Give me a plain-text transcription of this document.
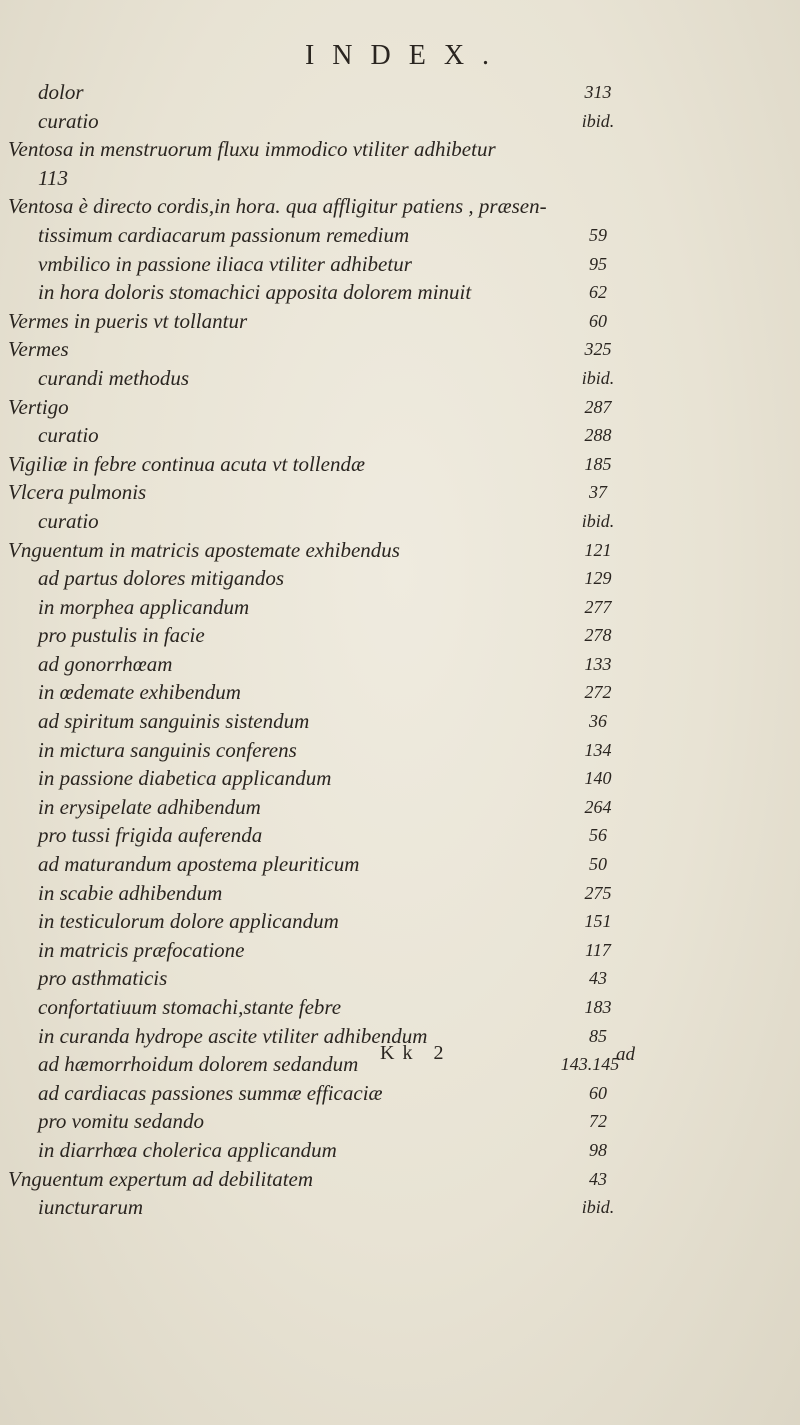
INDEX.
dolor	313
curatio	ibid.
Ventosa in menstruorum fluxu immodico vtiliter adhibetur
113
Ventosa è directo cordis,in hora. qua affligitur patiens , præsen-
tissimum cardiacarum passionum remedium	59
vmbilico in passione iliaca vtiliter adhibetur	95
in hora doloris stomachici apposita dolorem minuit	62
Vermes in pueris vt tollantur	60
Vermes	325
curandi methodus	ibid.
Vertigo	287
curatio	288
Vigiliæ in febre continua acuta vt tollendæ	185
Vlcera pulmonis	37
curatio	ibid.
Vnguentum in matricis apostemate exhibendus	121
ad partus dolores mitigandos	129
in morphea applicandum	277
pro pustulis in facie	278
ad gonorrhœam	133
in œdemate exhibendum	272
ad spiritum sanguinis sistendum	36
in mictura sanguinis conferens	134
in passione diabetica applicandum	140
in erysipelate adhibendum	264
pro tussi frigida auferenda	56
ad maturandum apostema pleuriticum	50
in scabie adhibendum	275
in testiculorum dolore applicandum	151
in matricis præfocatione	117
pro asthmaticis	43
confortatiuum stomachi,stante febre	183
in curanda hydrope ascite vtiliter adhibendum	85
ad hæmorrhoidum dolorem sedandum	143.145
ad cardiacas passiones summæ efficaciæ	60
pro vomitu sedando	72
in diarrhœa cholerica applicandum	98
Vnguentum expertum ad debilitatem	43
iuncturarum	ibid.
Kk 2	ad
